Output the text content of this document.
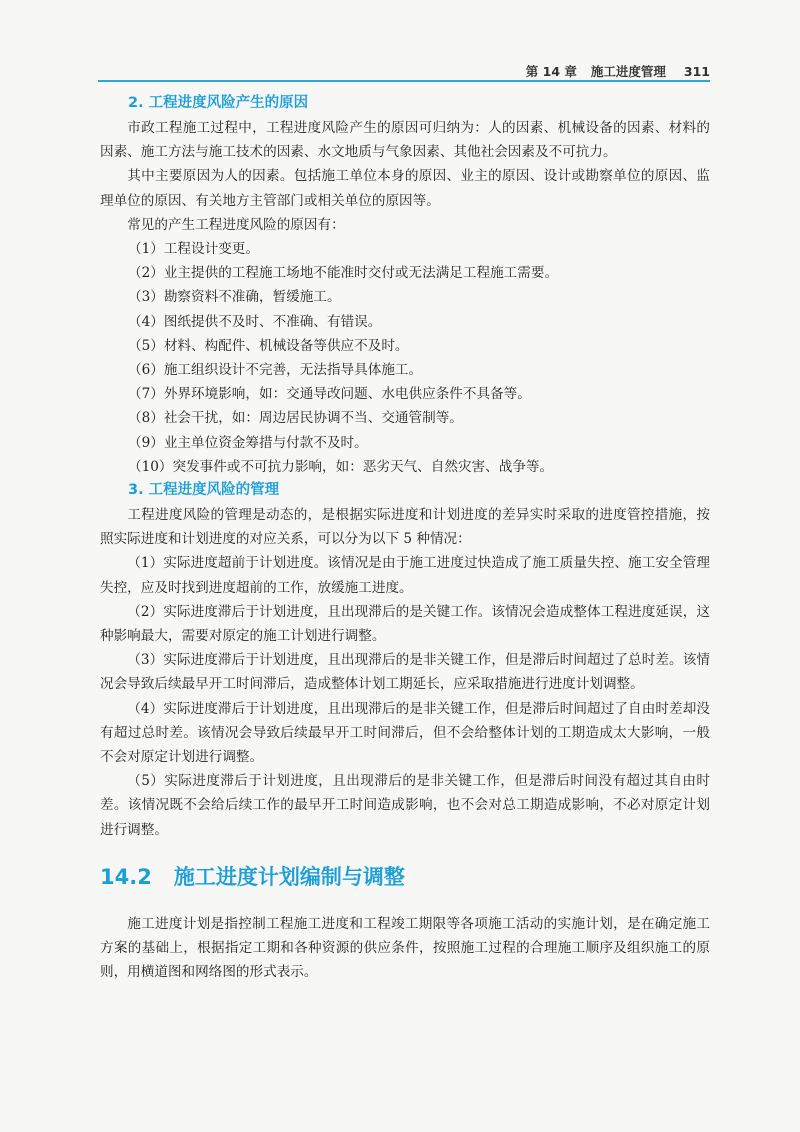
第 14 章 施工进度管理 311
2. 工程进度风险产生的原因

市政工程施工过程中，工程进度风险产生的原因可归纳为：人的因素、机械设备的因素、材料的因素、施工方法与施工技术的因素、水文地质与气象因素、其他社会因素及不可抗力。

其中主要原因为人的因素。包括施工单位本身的原因、业主的原因、设计或勘察单位的原因、监理单位的原因、有关地方主管部门或相关单位的原因等。

常见的产生工程进度风险的原因有：

（1）工程设计变更。

（2）业主提供的工程施工场地不能准时交付或无法满足工程施工需要。

（3）勘察资料不准确，暂缓施工。

（4）图纸提供不及时、不准确、有错误。

（5）材料、构配件、机械设备等供应不及时。

（6）施工组织设计不完善，无法指导具体施工。

（7）外界环境影响，如：交通导改问题、水电供应条件不具备等。

（8）社会干扰，如：周边居民协调不当、交通管制等。

（9）业主单位资金筹措与付款不及时。

（10）突发事件或不可抗力影响，如：恶劣天气、自然灾害、战争等。

3. 工程进度风险的管理

工程进度风险的管理是动态的，是根据实际进度和计划进度的差异实时采取的进度管控措施，按照实际进度和计划进度的对应关系，可以分为以下 5 种情况：

（1）实际进度超前于计划进度。该情况是由于施工进度过快造成了施工质量失控、施工安全管理失控，应及时找到进度超前的工作，放缓施工进度。

（2）实际进度滞后于计划进度，且出现滞后的是关键工作。该情况会造成整体工程进度延误，这种影响最大，需要对原定的施工计划进行调整。

（3）实际进度滞后于计划进度，且出现滞后的是非关键工作，但是滞后时间超过了总时差。该情况会导致后续最早开工时间滞后，造成整体计划工期延长，应采取措施进行进度计划调整。

（4）实际进度滞后于计划进度，且出现滞后的是非关键工作，但是滞后时间超过了自由时差却没有超过总时差。该情况会导致后续最早开工时间滞后，但不会给整体计划的工期造成太大影响，一般不会对原定计划进行调整。

（5）实际进度滞后于计划进度，且出现滞后的是非关键工作，但是滞后时间没有超过其自由时差。该情况既不会给后续工作的最早开工时间造成影响，也不会对总工期造成影响，不必对原定计划进行调整。

14.2 施工进度计划编制与调整

施工进度计划是指控制工程施工进度和工程竣工期限等各项施工活动的实施计划，是在确定施工方案的基础上，根据指定工期和各种资源的供应条件，按照施工过程的合理施工顺序及组织施工的原则，用横道图和网络图的形式表示。
